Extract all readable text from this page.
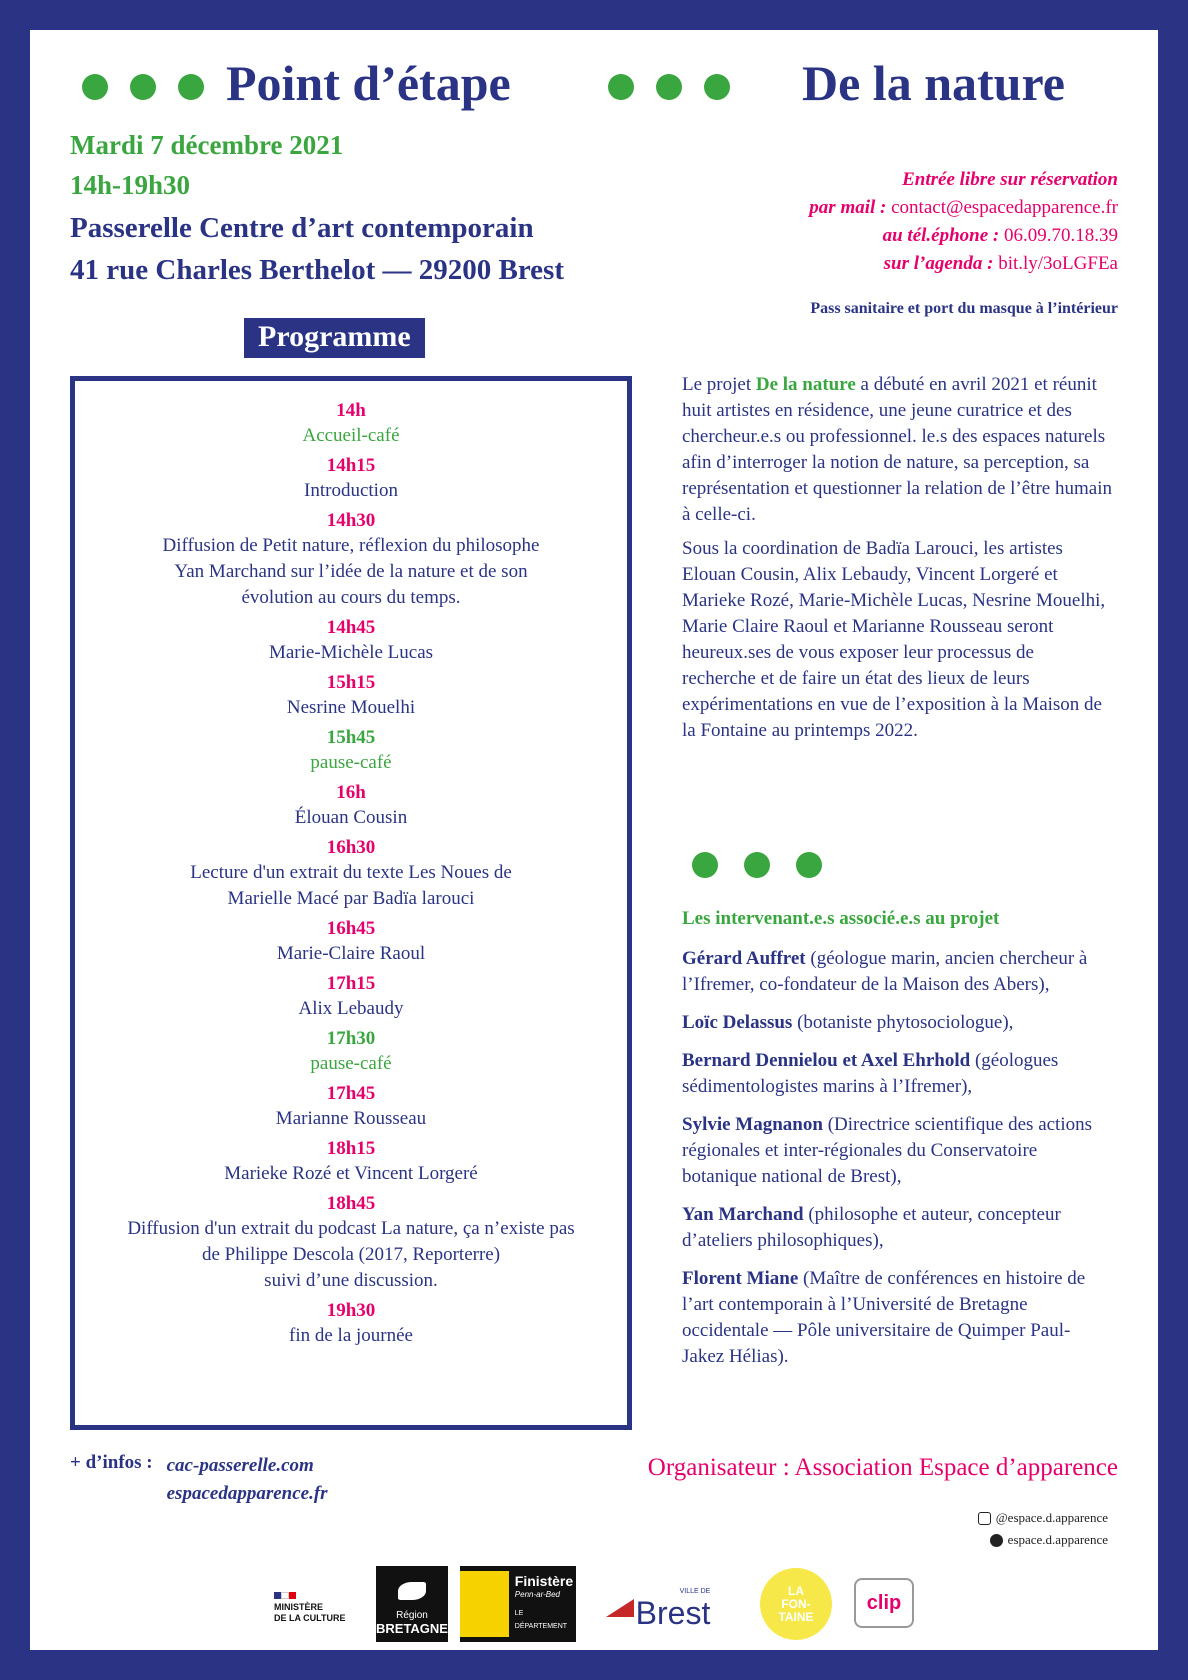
Point d’étape	De la nature
Mardi 7 décembre 2021
14h-19h30
Passerelle Centre d’art contemporain
41 rue Charles Berthelot — 29200 Brest
Entrée libre sur réservation
par mail : contact@espacedapparence.fr
au tél.éphone : 06.09.70.18.39
sur l’agenda : bit.ly/3oLGFEa
Pass sanitaire et port du masque à l’intérieur
Programme
14h
Accueil-café
14h15
Introduction
14h30
Diffusion de Petit nature, réflexion du philosophe
Yan Marchand sur l’idée de la nature et de son
évolution au cours du temps.
14h45
Marie-Michèle Lucas
15h15
Nesrine Mouelhi
15h45
pause-café
16h
Élouan Cousin
16h30
Lecture d'un extrait du texte Les Noues de
Marielle Macé par Badïa larouci
16h45
Marie-Claire Raoul
17h15
Alix Lebaudy
17h30
pause-café
17h45
Marianne Rousseau
18h15
Marieke Rozé et Vincent Lorgeré
18h45
Diffusion d'un extrait du podcast La nature, ça n’existe pas
de Philippe Descola (2017, Reporterre)
suivi d’une discussion.
19h30
fin de la journée

Le projet De la nature a débuté en avril 2021 et réunit huit artistes en résidence, une jeune curatrice et des chercheur.e.s ou professionnel. le.s des espaces naturels afin d’interroger la notion de nature, sa perception, sa représentation et questionner la relation de l’être humain à celle-ci.

Sous la coordination de Badïa Larouci, les artistes Elouan Cousin, Alix Lebaudy, Vincent Lorgeré et Marieke Rozé, Marie-Michèle Lucas, Nesrine Mouelhi, Marie Claire Raoul et Marianne Rousseau seront heureux.ses de vous exposer leur processus de recherche et de faire un état des lieux de leurs expérimentations en vue de l’exposition à la Maison de la Fontaine au printemps 2022.

Les intervenant.e.s associé.e.s au projet

Gérard Auffret (géologue marin, ancien chercheur à l’Ifremer, co-fondateur de la Maison des Abers),

Loïc Delassus (botaniste phytosociologue),

Bernard Dennielou et Axel Ehrhold (géologues sédimentologistes marins à l’Ifremer),

Sylvie Magnanon (Directrice scientifique des actions régionales et inter-régionales du Conservatoire botanique national de Brest),

Yan Marchand (philosophe et auteur, concepteur d’ateliers philosophiques),

Florent Miane (Maître de conférences en histoire de l’art contemporain à l’Université de Bretagne occidentale — Pôle universitaire de Quimper Paul-Jakez Hélias).

+ d’infos : cac-passerelle.com
espacedapparence.fr
Organisateur : Association Espace d’apparence
@espace.d.apparence
espace.d.apparence
MINISTÈRE
DE LA CULTURE	Région
BRETAGNE
Finistère
Penn-ar-Bed
LE DÉPARTEMENT
VILLE DE
Brest
LA
FON-
TAINE
clip
